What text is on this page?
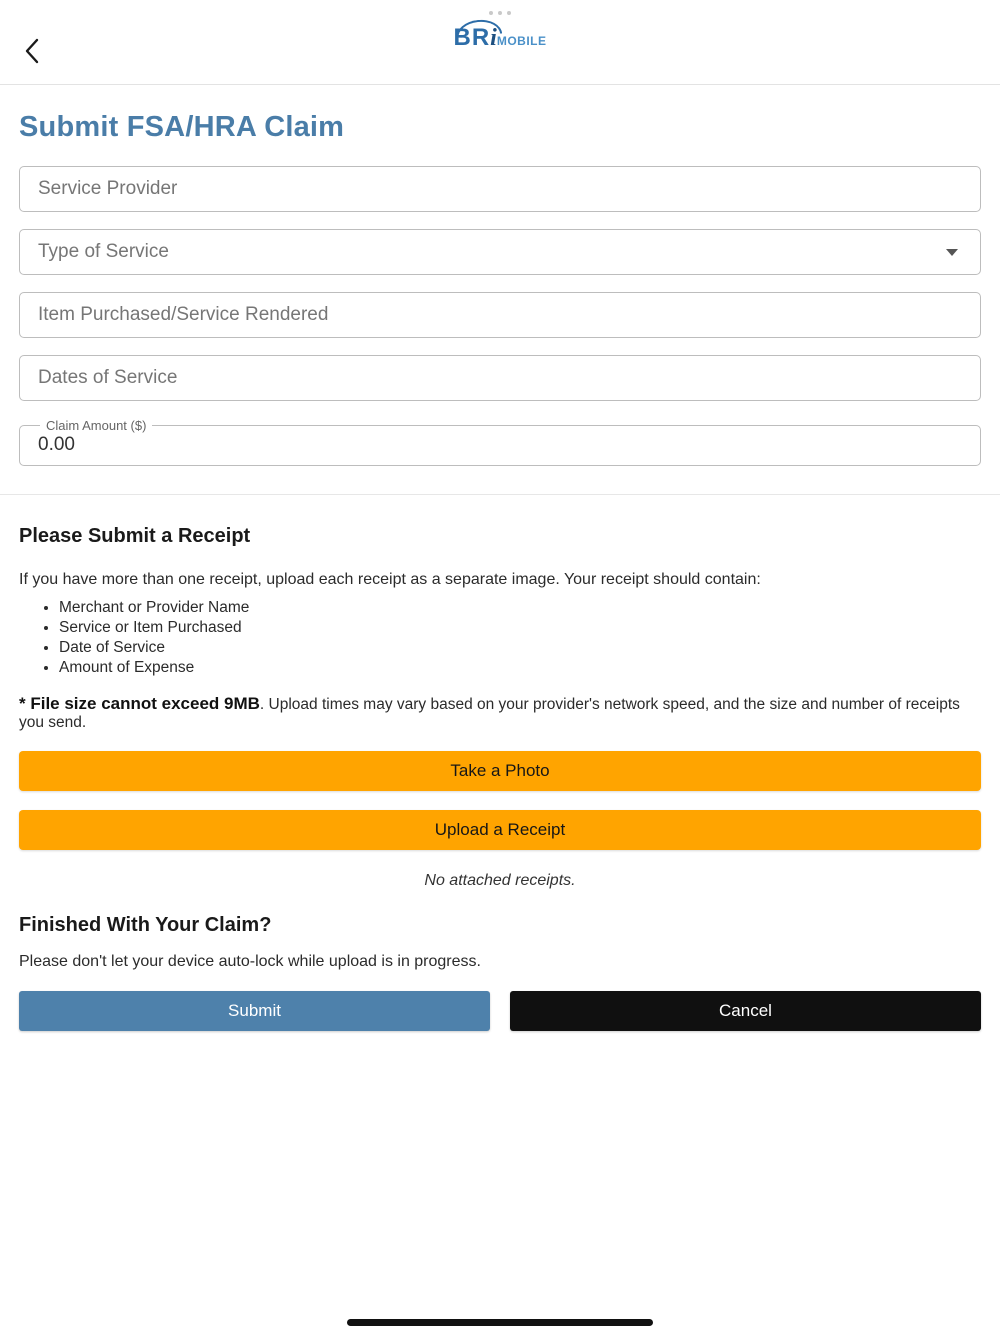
BRiMOBILE
Submit FSA/HRA Claim
Service Provider
Type of Service
Item Purchased/Service Rendered
Dates of Service
Claim Amount ($)
0.00
Please Submit a Receipt

If you have more than one receipt, upload each receipt as a separate image. Your receipt should contain:

• Merchant or Provider Name
• Service or Item Purchased
• Date of Service
• Amount of Expense

* File size cannot exceed 9MB. Upload times may vary based on your provider's network speed, and the size and number of receipts you send.

Take a Photo
Upload a Receipt

No attached receipts.

Finished With Your Claim?

Please don't let your device auto-lock while upload is in progress.

Submit	Cancel
